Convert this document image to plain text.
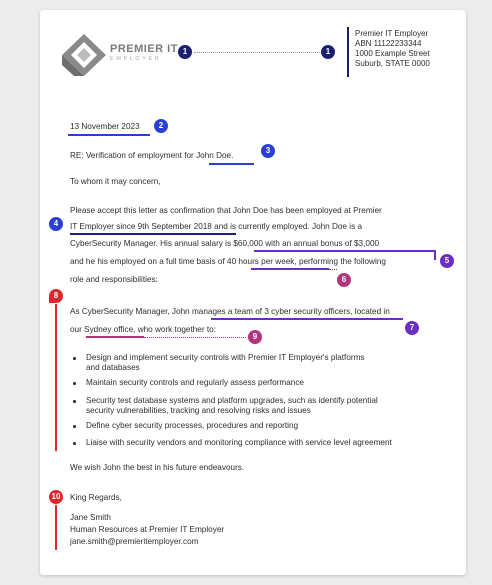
PREMIER IT
EMPLOYER
1	1
Premier IT Employer
ABN 11122233344
1000 Example Street
Suburb, STATE 0000
13 November 2023	2
RE: Verification of employment for John Doe.
3
To whom it may concern,
Please accept this letter as confirmation that John Doe has been employed at Premier
IT Employer since 9th September 2018 and is currently employed. John Doe is a
4
CyberSecurity Manager. His annual salary is $60,000 with an annual bonus of $3,000
5
and he his employed on a full time basis of 40 hours per week, performing the following
6
role and responsibilities:
8
As CyberSecurity Manager, John manages a team of 3 cyber security officers, located in
7
our Sydney office, who work together to:
9
Design and implement security controls with Premier IT Employer's platforms
and databases
Maintain security controls and regularly assess performance
Security test database systems and platform upgrades, such as identify potential
security vulnerabilities, tracking and resolving risks and issues
Define cyber security processes, procedures and reporting
Liaise with security vendors and monitoring compliance with service level agreement
We wish John the best in his future endeavours.
10	King Regards,
Jane Smith
Human Resources at Premier IT Employer
jane.smith@premieritemployer.com
